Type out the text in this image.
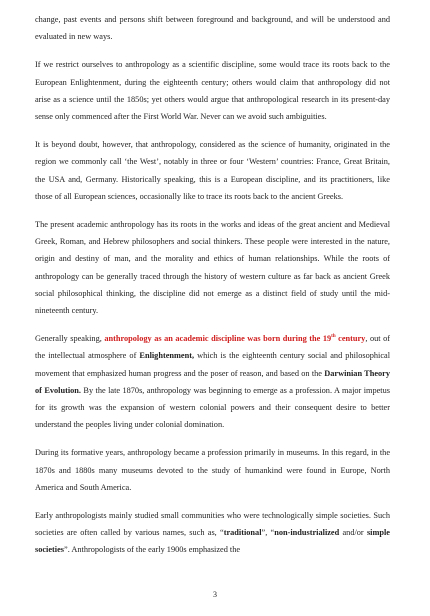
change, past events and persons shift between foreground and background, and will be understood and evaluated in new ways.

If we restrict ourselves to anthropology as a scientific discipline, some would trace its roots back to the European Enlightenment, during the eighteenth century; others would claim that anthropology did not arise as a science until the 1850s; yet others would argue that anthropological research in its present-day sense only commenced after the First World War. Never can we avoid such ambiguities.

It is beyond doubt, however, that anthropology, considered as the science of humanity, originated in the region we commonly call ‘the West’, notably in three or four ‘Western’ countries: France, Great Britain, the USA and, Germany. Historically speaking, this is a European discipline, and its practitioners, like those of all European sciences, occasionally like to trace its roots back to the ancient Greeks.

The present academic anthropology has its roots in the works and ideas of the great ancient and Medieval Greek, Roman, and Hebrew philosophers and social thinkers. These people were interested in the nature, origin and destiny of man, and the morality and ethics of human relationships. While the roots of anthropology can be generally traced through the history of western culture as far back as ancient Greek social philosophical thinking, the discipline did not emerge as a distinct field of study until the mid-nineteenth century.

Generally speaking, anthropology as an academic discipline was born during the 19th century, out of the intellectual atmosphere of Enlightenment, which is the eighteenth century social and philosophical movement that emphasized human progress and the poser of reason, and based on the Darwinian Theory of Evolution. By the late 1870s, anthropology was beginning to emerge as a profession. A major impetus for its growth was the expansion of western colonial powers and their consequent desire to better understand the peoples living under colonial domination.

During its formative years, anthropology became a profession primarily in museums. In this regard, in the 1870s and 1880s many museums devoted to the study of humankind were found in Europe, North America and South America.

Early anthropologists mainly studied small communities who were technologically simple societies. Such societies are often called by various names, such as, “traditional”, “non-industrialized and/or simple societies”. Anthropologists of the early 1900s emphasized the

3
